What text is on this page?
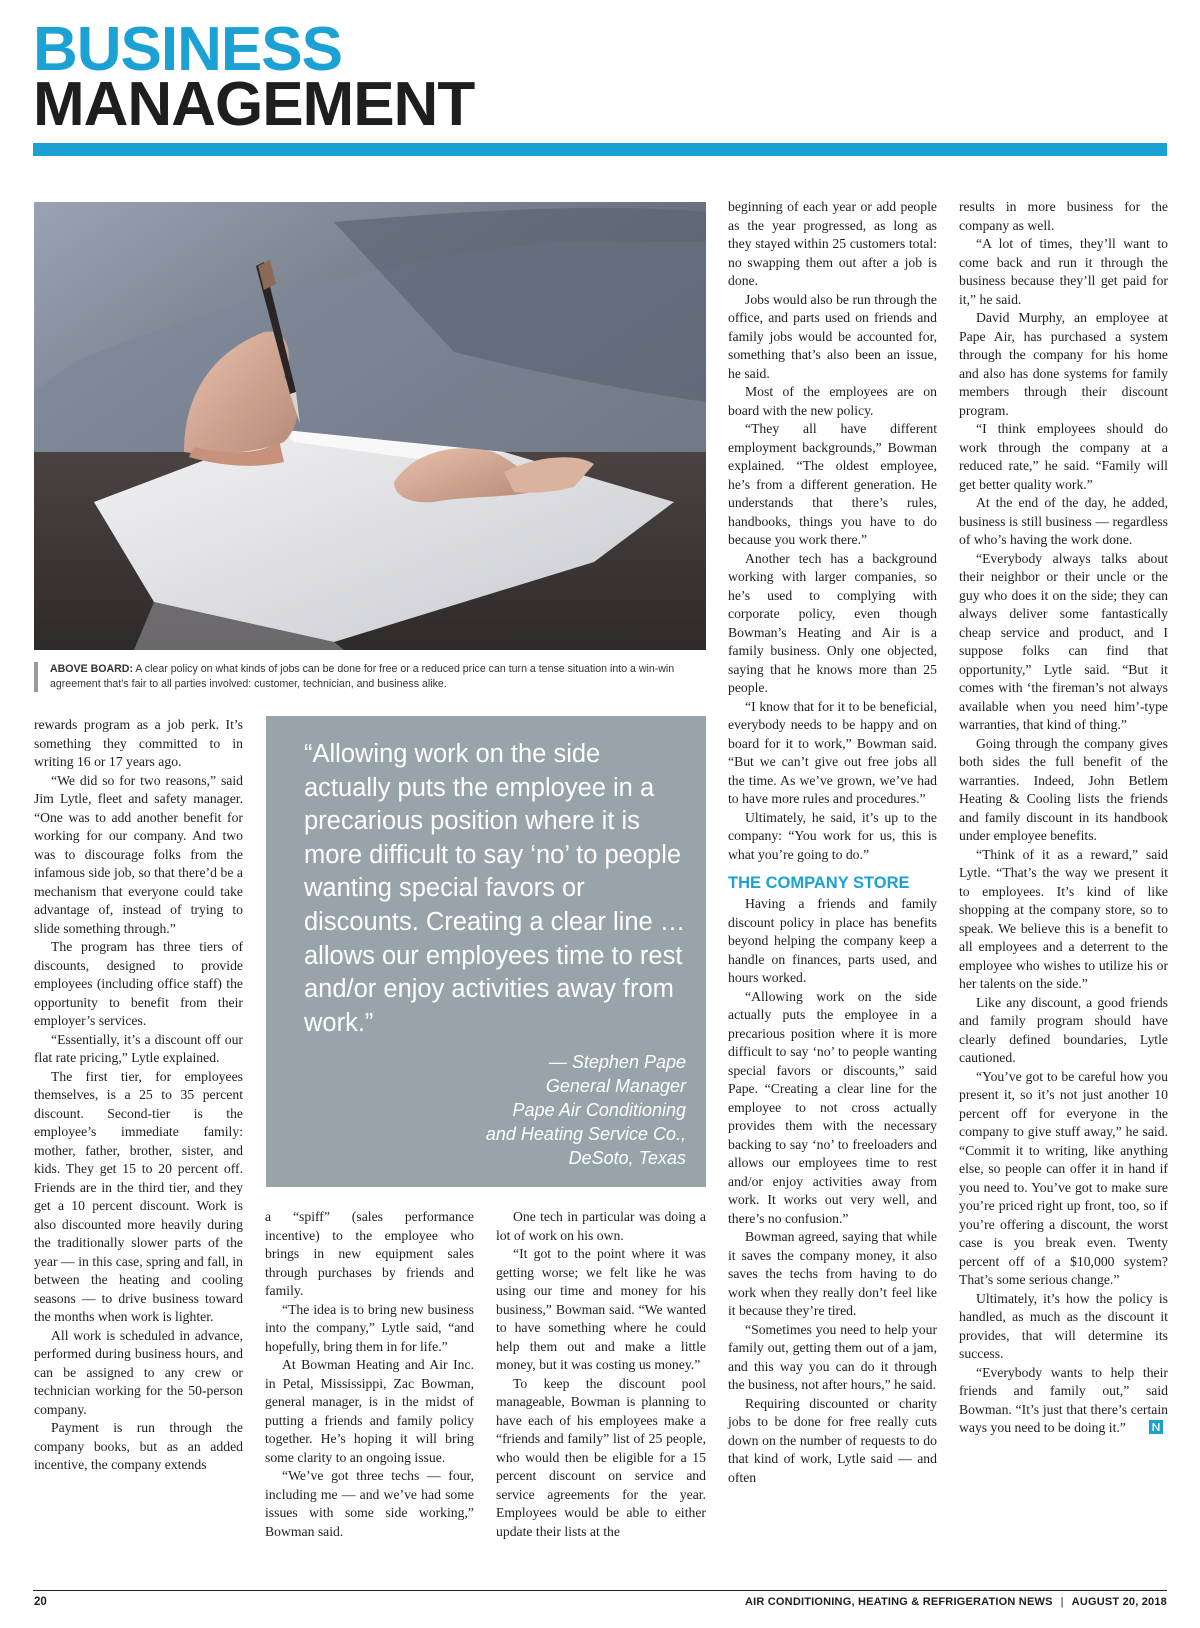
BUSINESS
MANAGEMENT
ABOVE BOARD: A clear policy on what kinds of jobs can be done for free or a reduced price can turn a tense situation into a win-win agreement that’s fair to all parties involved: customer, technician, and business alike.

rewards program as a job perk. It’s something they committed to in writing 16 or 17 years ago.

“We did so for two reasons,” said Jim Lytle, fleet and safety manager. “One was to add another benefit for working for our company. And two was to discourage folks from the infamous side job, so that there’d be a mechanism that everyone could take advantage of, instead of trying to slide something through.”

The program has three tiers of discounts, designed to provide employees (including office staff) the opportunity to benefit from their employer’s services.

“Essentially, it’s a discount off our flat rate pricing,” Lytle explained.

The first tier, for employees themselves, is a 25 to 35 percent discount. Second-tier is the employee’s immediate family: mother, father, brother, sister, and kids. They get 15 to 20 percent off. Friends are in the third tier, and they get a 10 percent discount. Work is also discounted more heavily during the traditionally slower parts of the year — in this case, spring and fall, in between the heating and cooling seasons — to drive business toward the months when work is lighter.

All work is scheduled in advance, performed during business hours, and can be assigned to any crew or technician working for the 50-person company.

Payment is run through the company books, but as an added incentive, the company extends

“Allowing work on the side actually puts the employee in a precarious position where it is more difficult to say ‘no’ to people wanting special favors or discounts. Creating a clear line … allows our employees time to rest and/or enjoy activities away from work.”
— Stephen Pape
General Manager
Pape Air Conditioning
and Heating Service Co.,
DeSoto, Texas

a “spiff” (sales performance incentive) to the employee who brings in new equipment sales through purchases by friends and family.

“The idea is to bring new business into the company,” Lytle said, “and hopefully, bring them in for life.”

At Bowman Heating and Air Inc. in Petal, Mississippi, Zac Bowman, general manager, is in the midst of putting a friends and family policy together. He’s hoping it will bring some clarity to an ongoing issue.

“We’ve got three techs — four, including me — and we’ve had some issues with some side working,” Bowman said.

One tech in particular was doing a lot of work on his own.

“It got to the point where it was getting worse; we felt like he was using our time and money for his business,” Bowman said. “We wanted to have something where he could help them out and make a little money, but it was costing us money.”

To keep the discount pool manageable, Bowman is planning to have each of his employees make a “friends and family” list of 25 people, who would then be eligible for a 15 percent discount on service and service agreements for the year. Employees would be able to either update their lists at the

beginning of each year or add people as the year progressed, as long as they stayed within 25 customers total: no swapping them out after a job is done.

Jobs would also be run through the office, and parts used on friends and family jobs would be accounted for, something that’s also been an issue, he said.

Most of the employees are on board with the new policy.

“They all have different employment backgrounds,” Bowman explained. “The oldest employee, he’s from a different generation. He understands that there’s rules, handbooks, things you have to do because you work there.”

Another tech has a background working with larger companies, so he’s used to complying with corporate policy, even though Bowman’s Heating and Air is a family business. Only one objected, saying that he knows more than 25 people.

“I know that for it to be beneficial, everybody needs to be happy and on board for it to work,” Bowman said. “But we can’t give out free jobs all the time. As we’ve grown, we’ve had to have more rules and procedures.”

Ultimately, he said, it’s up to the company: “You work for us, this is what you’re going to do.”

THE COMPANY STORE

Having a friends and family discount policy in place has benefits beyond helping the company keep a handle on finances, parts used, and hours worked.

“Allowing work on the side actually puts the employee in a precarious position where it is more difficult to say ‘no’ to people wanting special favors or discounts,” said Pape. “Creating a clear line for the employee to not cross actually provides them with the necessary backing to say ‘no’ to freeloaders and allows our employees time to rest and/or enjoy activities away from work. It works out very well, and there’s no confusion.”

Bowman agreed, saying that while it saves the company money, it also saves the techs from having to do work when they really don’t feel like it because they’re tired.

“Sometimes you need to help your family out, getting them out of a jam, and this way you can do it through the business, not after hours,” he said.

Requiring discounted or charity jobs to be done for free really cuts down on the number of requests to do that kind of work, Lytle said — and often

results in more business for the company as well.

“A lot of times, they’ll want to come back and run it through the business because they’ll get paid for it,” he said.

David Murphy, an employee at Pape Air, has purchased a system through the company for his home and also has done systems for family members through their discount program.

“I think employees should do work through the company at a reduced rate,” he said. “Family will get better quality work.”

At the end of the day, he added, business is still business — regardless of who’s having the work done.

“Everybody always talks about their neighbor or their uncle or the guy who does it on the side; they can always deliver some fantastically cheap service and product, and I suppose folks can find that opportunity,” Lytle said. “But it comes with ‘the fireman’s not always available when you need him’-type warranties, that kind of thing.”

Going through the company gives both sides the full benefit of the warranties. Indeed, John Betlem Heating & Cooling lists the friends and family discount in its handbook under employee benefits.

“Think of it as a reward,” said Lytle. “That’s the way we present it to employees. It’s kind of like shopping at the company store, so to speak. We believe this is a benefit to all employees and a deterrent to the employee who wishes to utilize his or her talents on the side.”

Like any discount, a good friends and family program should have clearly defined boundaries, Lytle cautioned.

“You’ve got to be careful how you present it, so it’s not just another 10 percent off for everyone in the company to give stuff away,” he said. “Commit it to writing, like anything else, so people can offer it in hand if you need to. You’ve got to make sure you’re priced right up front, too, so if you’re offering a discount, the worst case is you break even. Twenty percent off of a $10,000 system? That’s some serious change.”

Ultimately, it’s how the policy is handled, as much as the discount it provides, that will determine its success.

“Everybody wants to help their friends and family out,” said Bowman. “It’s just that there’s certain ways you need to be doing it.”

20	AIR CONDITIONING, HEATING & REFRIGERATION NEWS | AUGUST 20, 2018
